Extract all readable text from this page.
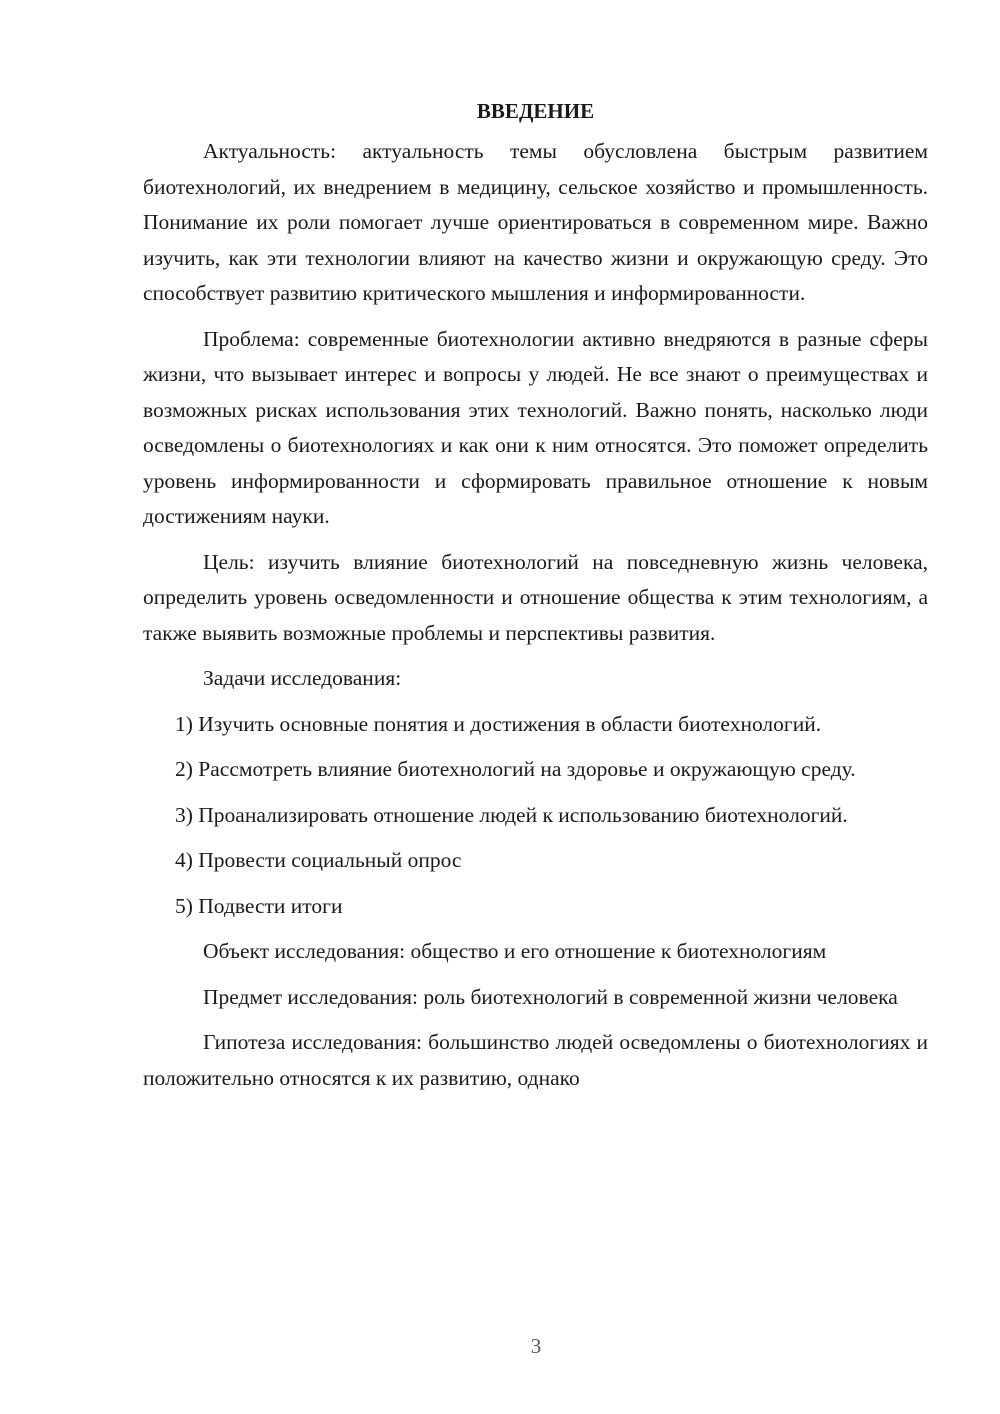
ВВЕДЕНИЕ

Актуальность: актуальность темы обусловлена быстрым развитием биотехнологий, их внедрением в медицину, сельское хозяйство и промышленность. Понимание их роли помогает лучше ориентироваться в современном мире. Важно изучить, как эти технологии влияют на качество жизни и окружающую среду. Это способствует развитию критического мышления и информированности.

Проблема: современные биотехнологии активно внедряются в разные сферы жизни, что вызывает интерес и вопросы у людей. Не все знают о преимуществах и возможных рисках использования этих технологий. Важно понять, насколько люди осведомлены о биотехнологиях и как они к ним относятся. Это поможет определить уровень информированности и сформировать правильное отношение к новым достижениям науки.

Цель: изучить влияние биотехнологий на повседневную жизнь человека, определить уровень осведомленности и отношение общества к этим технологиям, а также выявить возможные проблемы и перспективы развития.

Задачи исследования:

1) Изучить основные понятия и достижения в области биотехнологий.

2) Рассмотреть влияние биотехнологий на здоровье и окружающую среду.

3) Проанализировать отношение людей к использованию биотехнологий.

4) Провести социальный опрос

5) Подвести итоги

Объект исследования: общество и его отношение к биотехнологиям

Предмет исследования: роль биотехнологий в современной жизни человека

Гипотеза исследования: большинство людей осведомлены о биотехнологиях и положительно относятся к их развитию, однако

3
